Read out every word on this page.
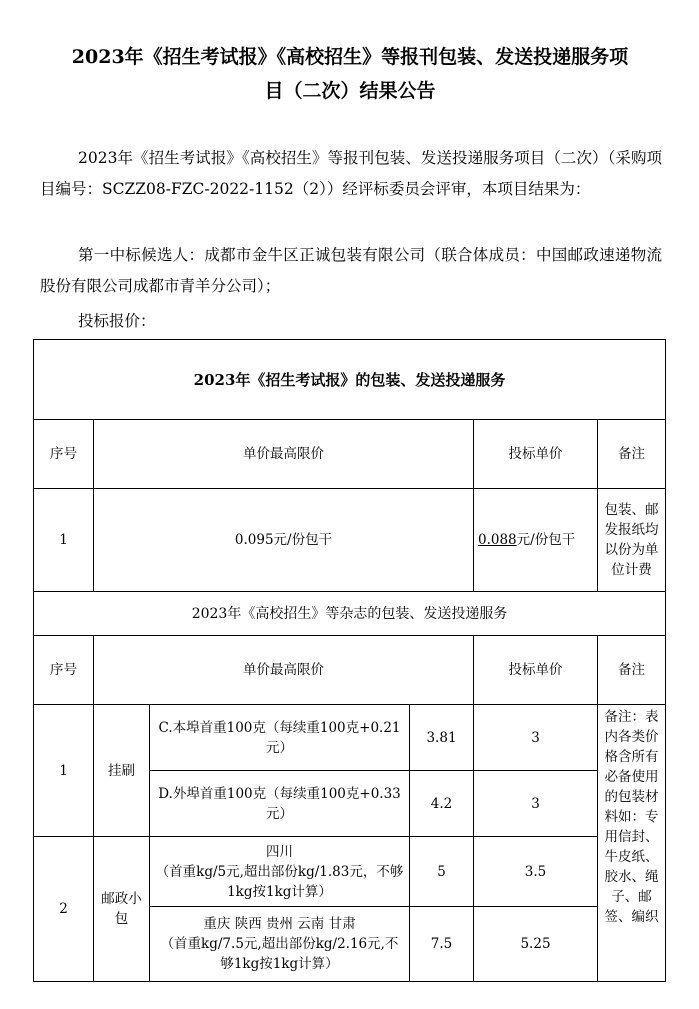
2023年《招生考试报》《高校招生》等报刊包装、发送投递服务项
目（二次）结果公告

2023年《招生考试报》《高校招生》等报刊包装、发送投递服务项目（二次）（采购项目编号：SCZZ08-FZC-2022-1152（2））经评标委员会评审，本项目结果为：

第一中标候选人：成都市金牛区正诚包装有限公司（联合体成员：中国邮政速递物流股份有限公司成都市青羊分公司）；

投标报价：

2023年《招生考试报》的包装、发送投递服务					
序号	单价最高限价			投标单价	备注
1	0.095元/份包干			0.088元/份包干	包装、邮发报纸均以份为单位计费
2023年《高校招生》等杂志的包装、发送投递服务					
序号	单价最高限价			投标单价	备注
1	挂刷	C.本埠首重100克（每续重100克+0.21元）	3.81	3	备注：表内各类价格含所有必备使用的包装材料如：专用信封、牛皮纸、胶水、绳子、邮签、编织

		D.外埠首重100克（每续重100克+0.33元）	4.2	3	
2	邮政小包	四川
（首重kg/5元,超出部份kg/1.83元，不够1kg按1kg计算）	5	3.5	
		重庆 陕西 贵州 云南 甘肃
（首重kg/7.5元,超出部份kg/2.16元,不够1kg按1kg计算）	7.5	5.25	
